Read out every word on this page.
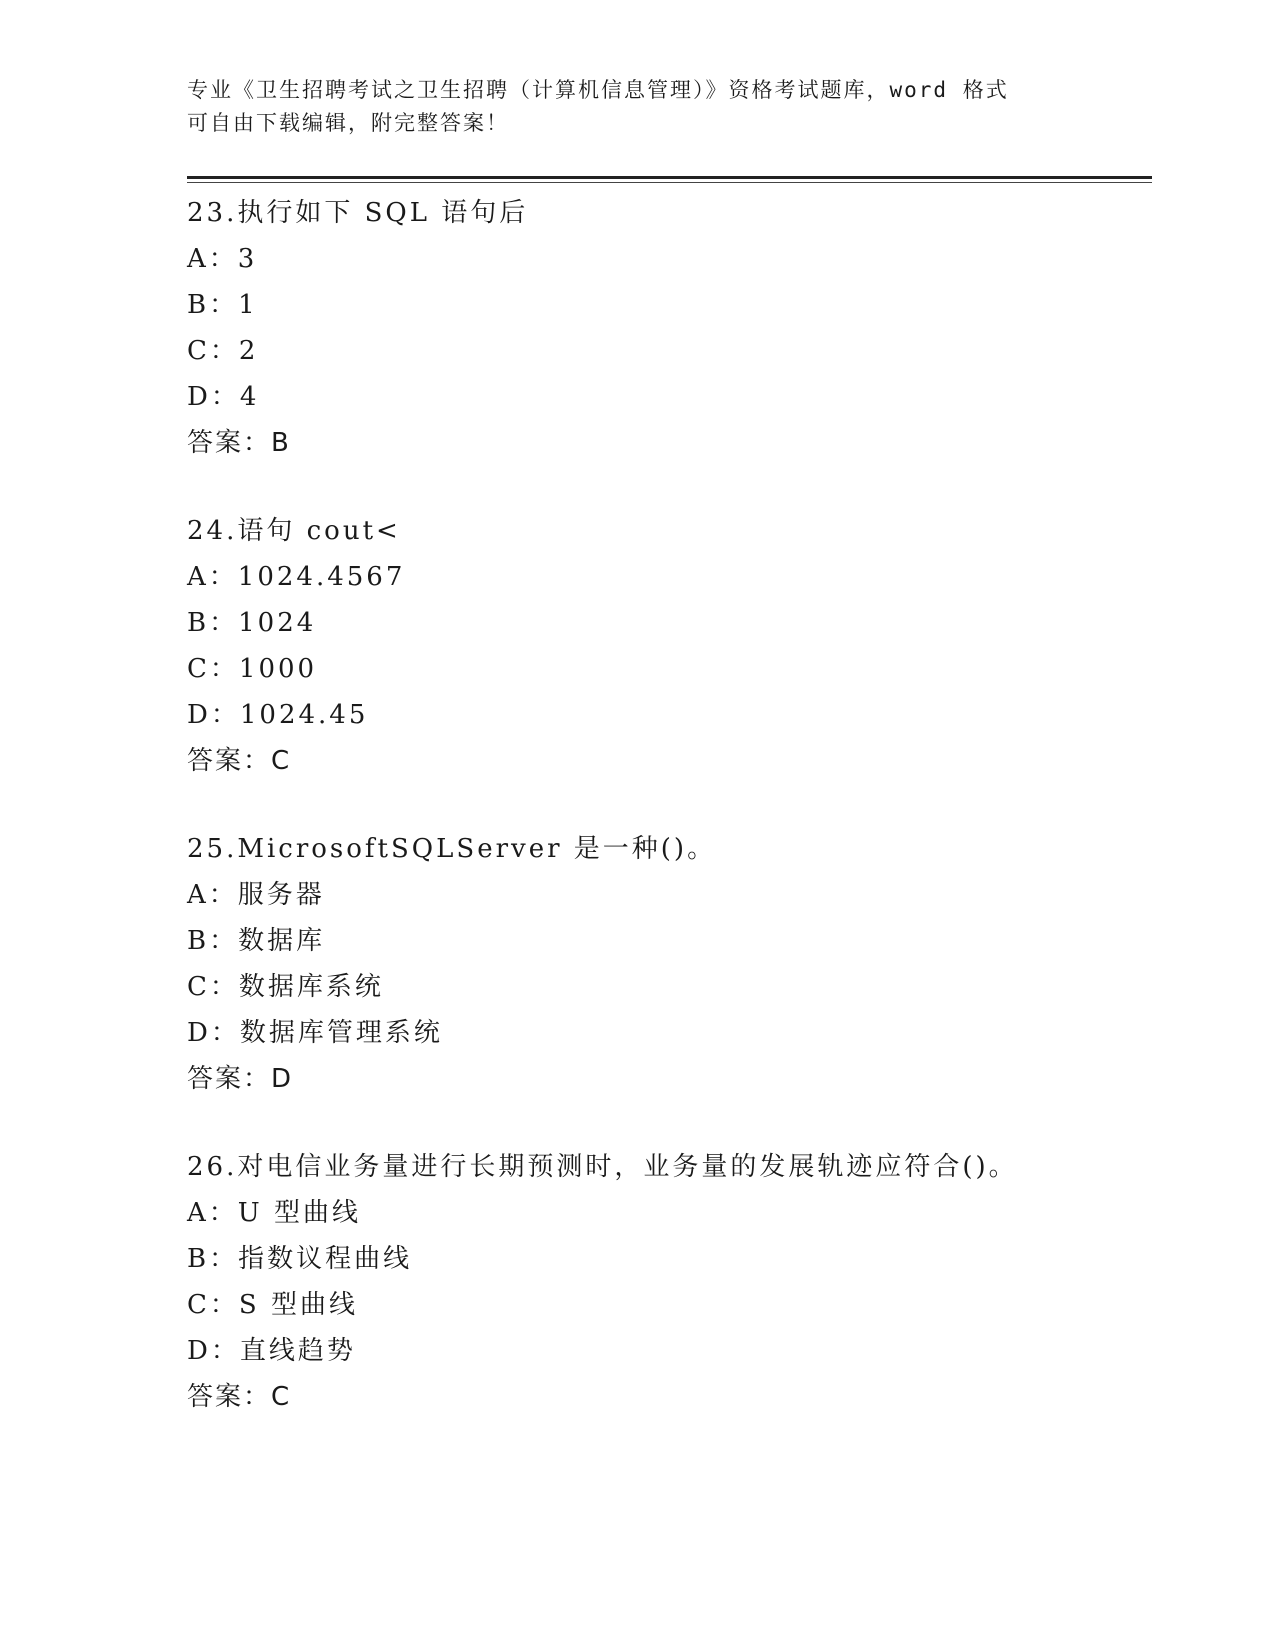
专业《卫生招聘考试之卫生招聘（计算机信息管理）》资格考试题库，word 格式
可自由下载编辑，附完整答案！
23.执行如下 SQL 语句后
A：3
B：1
C：2
D：4
答案：B
24.语句 cout<
A：1024.4567
B：1024
C：1000
D：1024.45
答案：C
25.MicrosoftSQLServer 是一种()。
A：服务器
B：数据库
C：数据库系统
D：数据库管理系统
答案：D
26.对电信业务量进行长期预测时，业务量的发展轨迹应符合()。
A：U 型曲线
B：指数议程曲线
C：S 型曲线
D：直线趋势
答案：C
